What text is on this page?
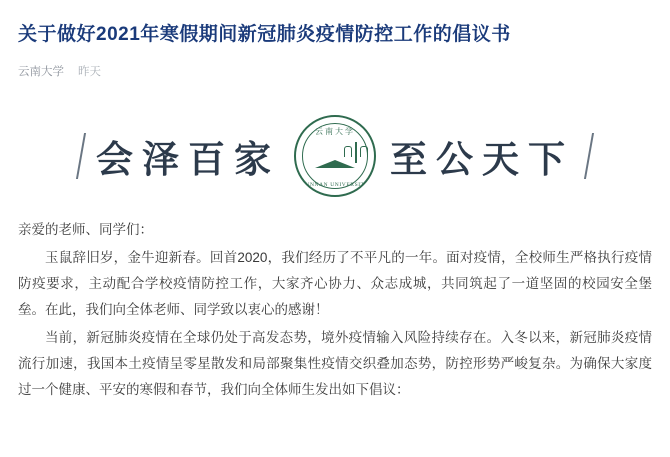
关于做好2021年寒假期间新冠肺炎疫情防控工作的倡议书
云南大学 昨天
会泽百家
云南大学
YUNNAN UNIVERSITY
至公天下

亲爱的老师、同学们：

玉鼠辞旧岁，金牛迎新春。回首2020，我们经历了不平凡的一年。面对疫情，全校师生严格执行疫情防疫要求，主动配合学校疫情防控工作，大家齐心协力、众志成城，共同筑起了一道坚固的校园安全堡垒。在此，我们向全体老师、同学致以衷心的感谢！

当前，新冠肺炎疫情在全球仍处于高发态势，境外疫情输入风险持续存在。入冬以来，新冠肺炎疫情流行加速，我国本土疫情呈零星散发和局部聚集性疫情交织叠加态势，防控形势严峻复杂。为确保大家度过一个健康、平安的寒假和春节，我们向全体师生发出如下倡议：
